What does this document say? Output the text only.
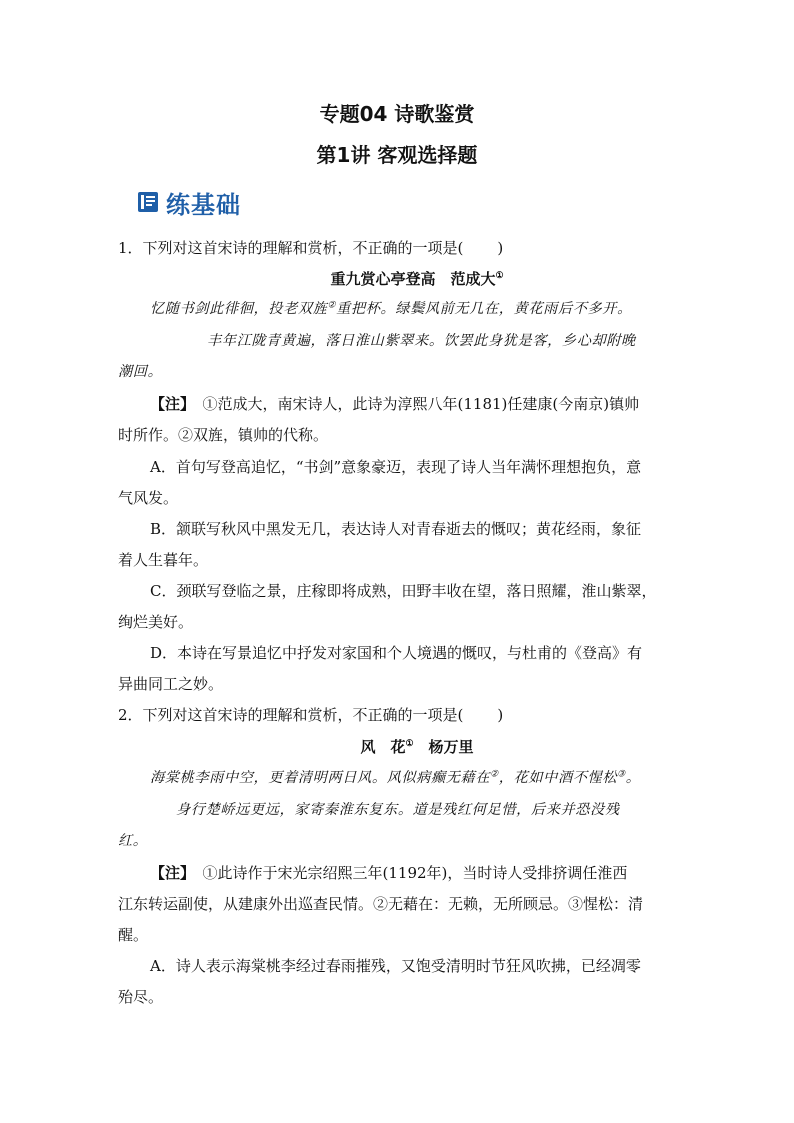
专题04 诗歌鉴赏
第1讲 客观选择题
练基础
1．下列对这首宋诗的理解和赏析，不正确的一项是( )
重九赏心亭登高　范成大①
忆随书剑此徘徊，投老双旌②重把杯。绿鬓风前无几在，黄花雨后不多开。
丰年江陇青黄遍，落日淮山紫翠来。饮罢此身犹是客，乡心却附晚
潮回。
【注】　 ①范成大，南宋诗人，此诗为淳熙八年(1181)任建康(今南京)镇帅
时所作。②双旌，镇帅的代称。
A．首句写登高追忆，“书剑”意象豪迈，表现了诗人当年满怀理想抱负，意
气风发。
B．颔联写秋风中黑发无几，表达诗人对青春逝去的慨叹；黄花经雨，象征
着人生暮年。
C．颈联写登临之景，庄稼即将成熟，田野丰收在望，落日照耀，淮山紫翠，
绚烂美好。
D．本诗在写景追忆中抒发对家国和个人境遇的慨叹，与杜甫的《登高》有
异曲同工之妙。
2．下列对这首宋诗的理解和赏析，不正确的一项是( )
风　花①　杨万里
海棠桃李雨中空，更着清明两日风。风似病癫无藉在②，花如中酒不惺松③。
身行楚峤远更远，家寄秦淮东复东。道是残红何足惜，后来并恐没残
红。
【注】　 ①此诗作于宋光宗绍熙三年(1192年)，当时诗人受排挤调任淮西
江东转运副使，从建康外出巡查民情。②无藉在：无赖，无所顾忌。③惺松：清
醒。
A．诗人表示海棠桃李经过春雨摧残，又饱受清明时节狂风吹拂，已经凋零
殆尽。
